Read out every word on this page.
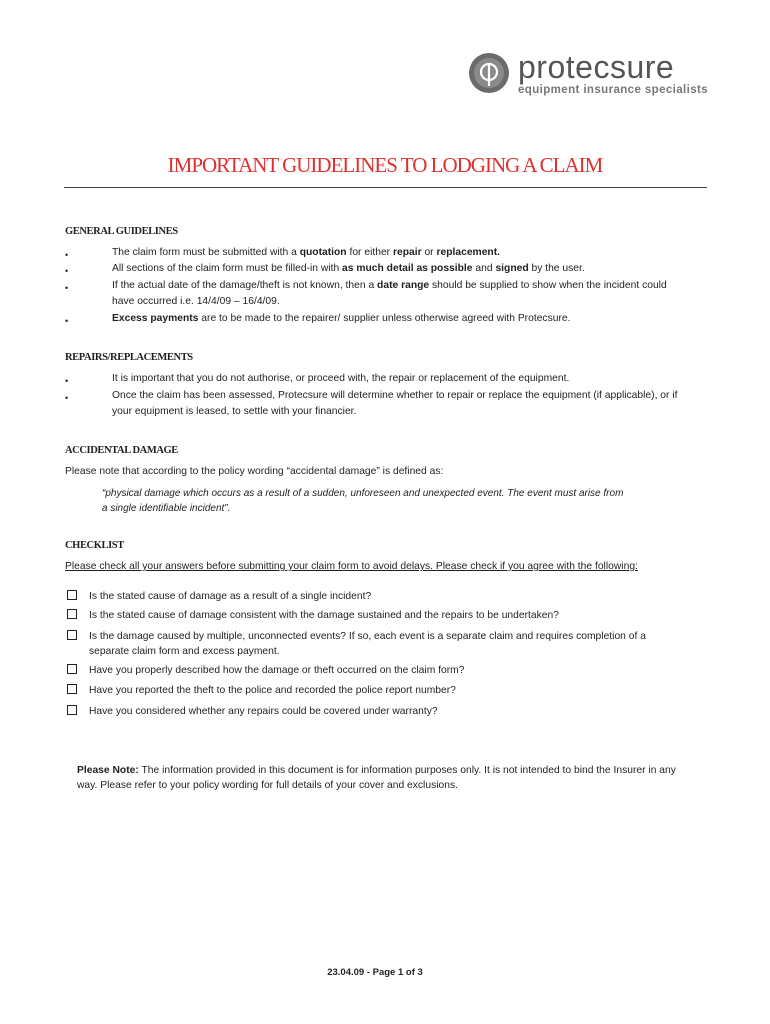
protecsure
equipment insurance specialists
IMPORTANT GUIDELINES TO LODGING A CLAIM
GENERAL GUIDELINES
•	The claim form must be submitted with a quotation for either repair or replacement.
•	All sections of the claim form must be filled-in with as much detail as possible and signed by the user.
•	If the actual date of the damage/theft is not known, then a date range should be supplied to show when the incident could
have occurred i.e. 14/4/09 – 16/4/09.
•	Excess payments are to be made to the repairer/ supplier unless otherwise agreed with Protecsure.
REPAIRS/REPLACEMENTS
•	It is important that you do not authorise, or proceed with, the repair or replacement of the equipment.
•	Once the claim has been assessed, Protecsure will determine whether to repair or replace the equipment (if applicable), or if
your equipment is leased, to settle with your financier.
ACCIDENTAL DAMAGE
Please note that according to the policy wording “accidental damage” is defined as:
“physical damage which occurs as a result of a sudden, unforeseen and unexpected event. The event must arise from
a single identifiable incident”.
CHECKLIST
Please check all your answers before submitting your claim form to avoid delays. Please check if you agree with the following:
Is the stated cause of damage as a result of a single incident?
Is the stated cause of damage consistent with the damage sustained and the repairs to be undertaken?
Is the damage caused by multiple, unconnected events? If so, each event is a separate claim and requires completion of a
separate claim form and excess payment.
Have you properly described how the damage or theft occurred on the claim form?
Have you reported the theft to the police and recorded the police report number?
Have you considered whether any repairs could be covered under warranty?
Please Note: The information provided in this document is for information purposes only. It is not intended to bind the Insurer in any
way. Please refer to your policy wording for full details of your cover and exclusions.
23.04.09 - Page 1 of 3
